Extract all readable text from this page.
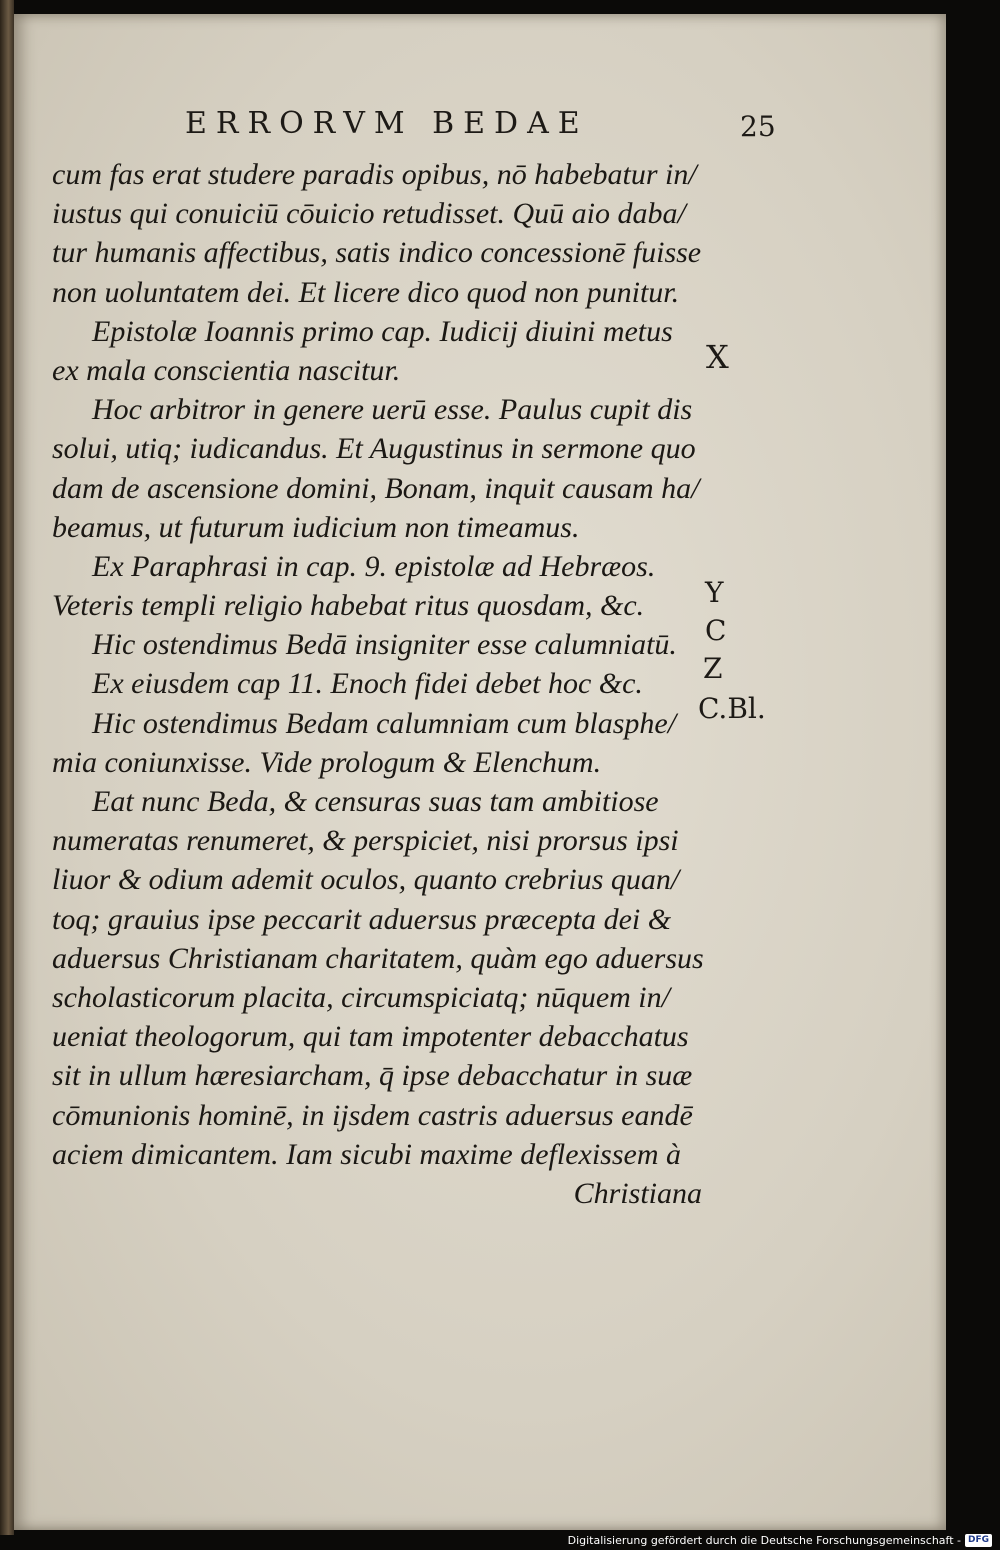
ERRORVM BEDAE	25
cum fas erat studere paradis opibus, nō habebatur in/
iustus qui conuiciū cōuicio retudisset. Quū aio daba/
tur humanis affectibus, satis indico concessionē fuisse
non uoluntatem dei. Et licere dico quod non punitur.
Epistolæ Ioannis primo cap. Iudicij diuini metus
ex mala conscientia nascitur.
Hoc arbitror in genere uerū esse. Paulus cupit dis
solui, utiq; iudicandus. Et Augustinus in sermone quo
dam de ascensione domini, Bonam, inquit causam ha/
beamus, ut futurum iudicium non timeamus.
Ex Paraphrasi in cap. 9. epistolæ ad Hebræos.
Veteris templi religio habebat ritus quosdam, &c.
Hic ostendimus Bedā insigniter esse calumniatū.
Ex eiusdem cap 11. Enoch fidei debet hoc &c.
Hic ostendimus Bedam calumniam cum blasphe/
mia coniunxisse. Vide prologum & Elenchum.
Eat nunc Beda, & censuras suas tam ambitiose
numeratas renumeret, & perspiciet, nisi prorsus ipsi
liuor & odium ademit oculos, quanto crebrius quan/
toq; grauius ipse peccarit aduersus præcepta dei &
aduersus Christianam charitatem, quàm ego aduersus
scholasticorum placita, circumspiciatq; nūquem in/
ueniat theologorum, qui tam impotenter debacchatus
sit in ullum hæresiarcham, q̄ ipse debacchatur in suæ
cōmunionis hominē, in ijsdem castris aduersus eandē
aciem dimicantem. Iam sicubi maxime deflexissem à
Christiana
X
Y
C
Z
C.Bl.
Digitalisierung gefördert durch die Deutsche Forschungsgemeinschaft - DFG
